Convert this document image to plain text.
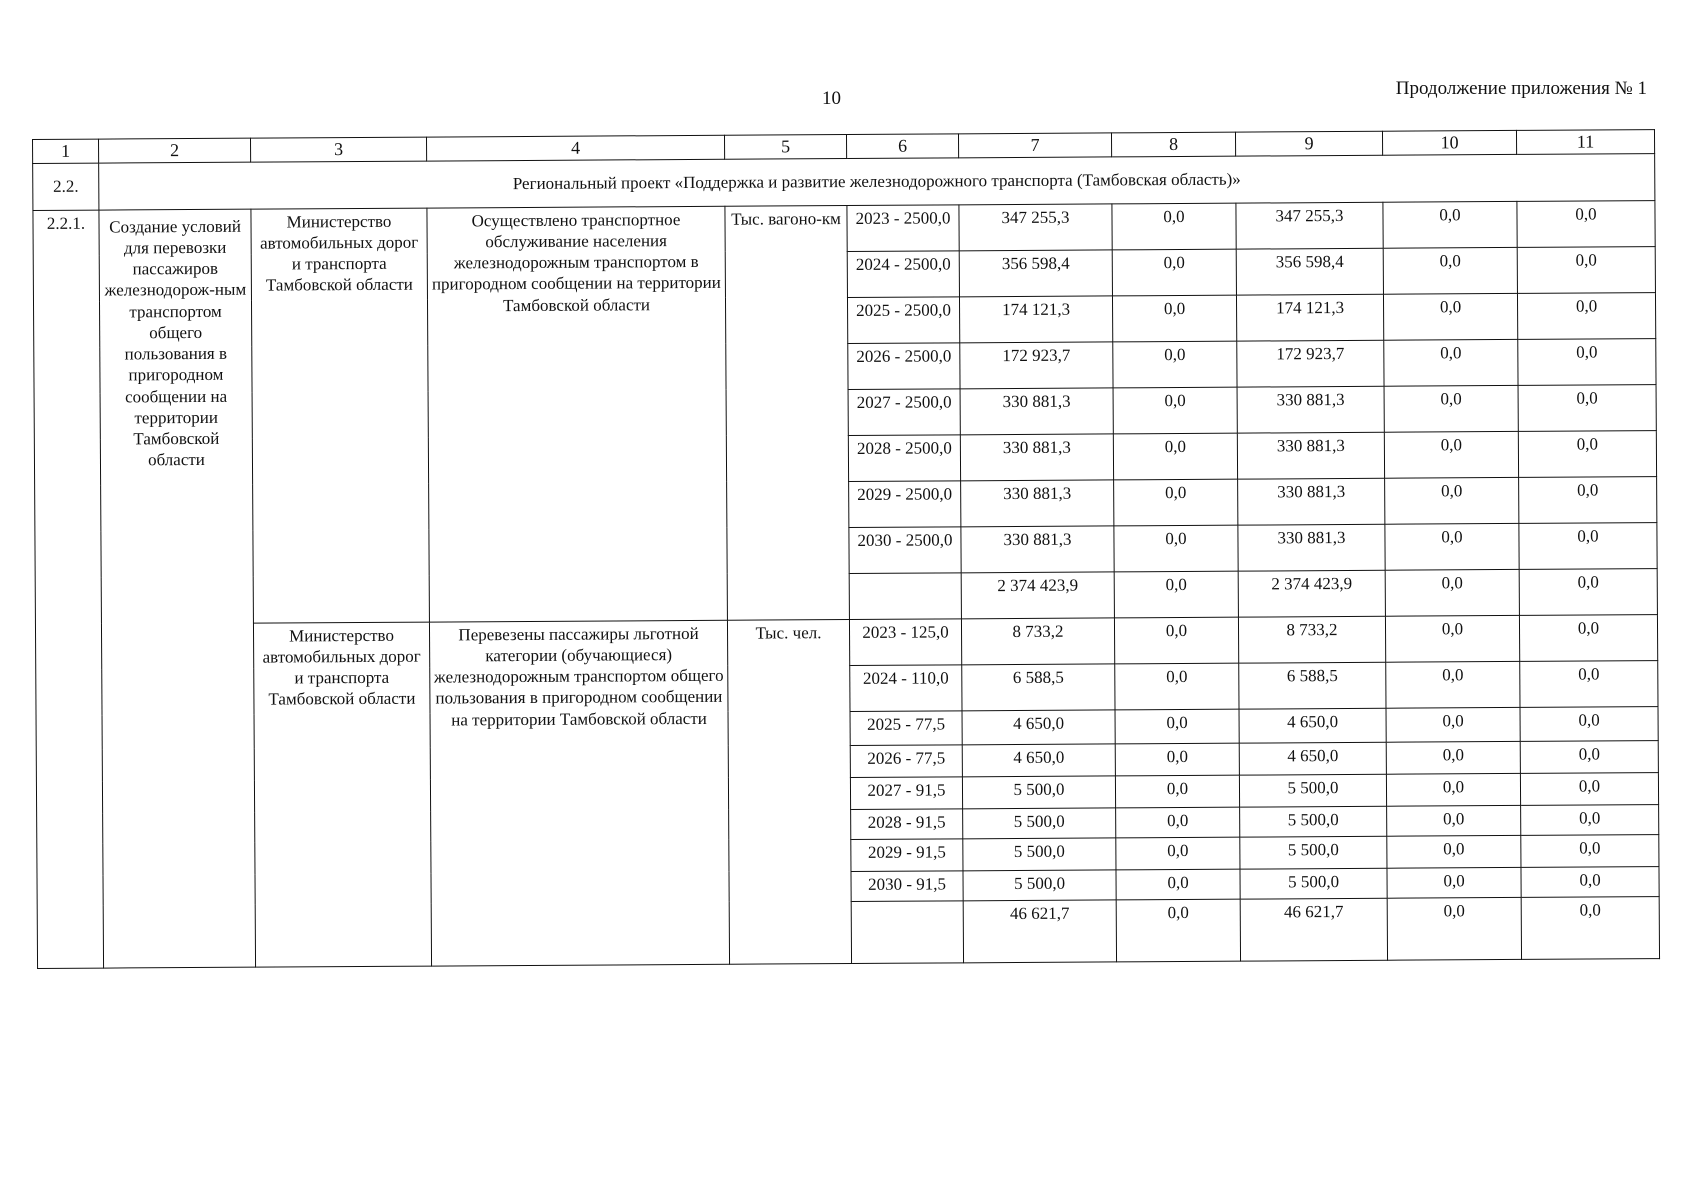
10	Продолжение приложения № 1
1	2	3	4	5	6	7	8	9	10	11
2.2.	Региональный проект «Поддержка и развитие железнодорожного транспорта (Тамбовская область)»									
2.2.1.	Создание условий для перевозки пассажиров железнодорож-ным транспортом общего пользования в пригородном сообщении на территории Тамбовской области	Министерство автомобильных дорог и транспорта Тамбовской области	Осуществлено транспортное обслуживание населения железнодорожным транспортом в пригородном сообщении на территории Тамбовской области	Тыс. вагоно-км	2023 - 2500,0	347 255,3	0,0	347 255,3	0,0	0,0
					2024 - 2500,0	356 598,4	0,0	356 598,4	0,0	0,0
					2025 - 2500,0	174 121,3	0,0	174 121,3	0,0	0,0
					2026 - 2500,0	172 923,7	0,0	172 923,7	0,0	0,0
					2027 - 2500,0	330 881,3	0,0	330 881,3	0,0	0,0
					2028 - 2500,0	330 881,3	0,0	330 881,3	0,0	0,0
					2029 - 2500,0	330 881,3	0,0	330 881,3	0,0	0,0
					2030 - 2500,0	330 881,3	0,0	330 881,3	0,0	0,0
						2 374 423,9	0,0	2 374 423,9	0,0	0,0
		Министерство автомобильных дорог и транспорта Тамбовской области	Перевезены пассажиры льготной категории (обучающиеся) железнодорожным транспортом общего пользования в пригородном сообщении на территории Тамбовской области	Тыс. чел.	2023 - 125,0	8 733,2	0,0	8 733,2	0,0	0,0
					2024 - 110,0	6 588,5	0,0	6 588,5	0,0	0,0
					2025 - 77,5	4 650,0	0,0	4 650,0	0,0	0,0
					2026 - 77,5	4 650,0	0,0	4 650,0	0,0	0,0
					2027 - 91,5	5 500,0	0,0	5 500,0	0,0	0,0
					2028 - 91,5	5 500,0	0,0	5 500,0	0,0	0,0
					2029 - 91,5	5 500,0	0,0	5 500,0	0,0	0,0
					2030 - 91,5	5 500,0	0,0	5 500,0	0,0	0,0
						46 621,7	0,0	46 621,7	0,0	0,0
